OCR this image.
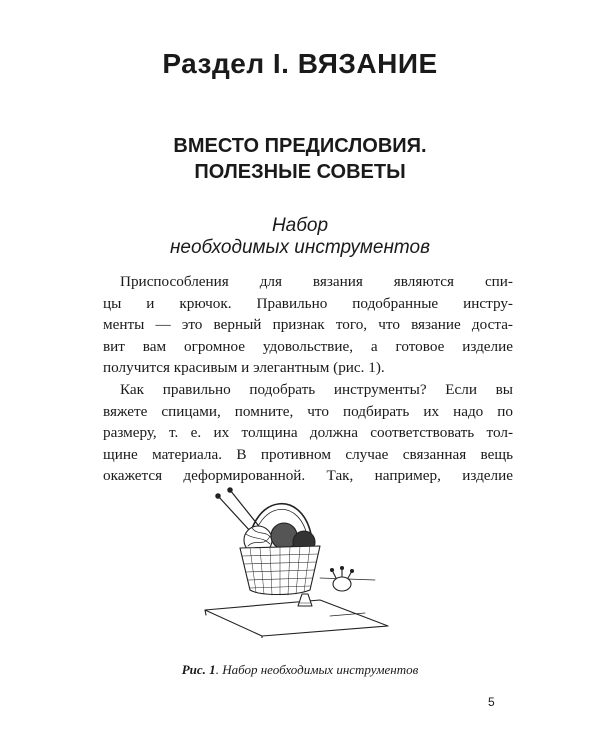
Раздел I. ВЯЗАНИЕ
ВМЕСТО ПРЕДИСЛОВИЯ.
ПОЛЕЗНЫЕ СОВЕТЫ
Набор
необходимых инструментов
Приспособления для вязания являются спи-
цы и крючок. Правильно подобранные инстру-
менты — это верный признак того, что вязание доста-
вит вам огромное удовольствие, а готовое изделие
получится красивым и элегантным (рис. 1).
Как правильно подобрать инструменты? Если вы
вяжете спицами, помните, что подбирать их надо по
размеру, т. е. их толщина должна соответствовать тол-
щине материала. В противном случае связанная вещь
окажется деформированной. Так, например, изделие
Рис. 1. Набор необходимых инструментов
5
